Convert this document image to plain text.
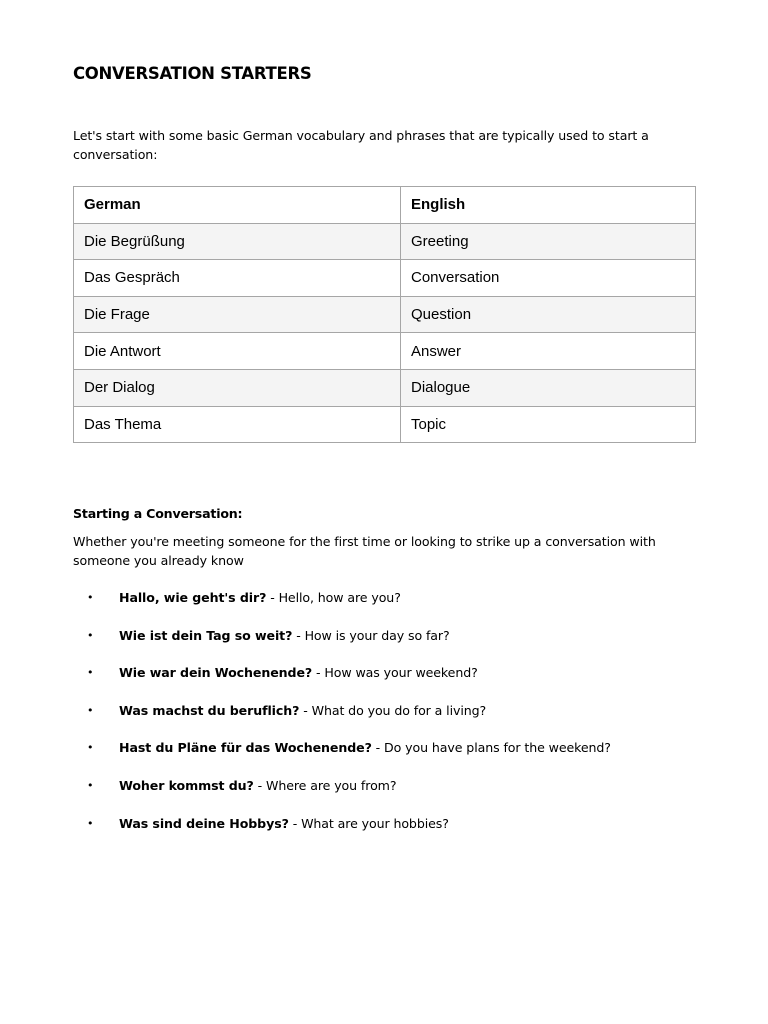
CONVERSATION STARTERS

Let's start with some basic German vocabulary and phrases that are typically used to start a conversation:

German	English
Die Begrüßung	Greeting
Das Gespräch	Conversation
Die Frage	Question
Die Antwort	Answer
Der Dialog	Dialogue
Das Thema	Topic
Starting a Conversation:

Whether you're meeting someone for the first time or looking to strike up a conversation with someone you already know

• Hallo, wie geht's dir? - Hello, how are you?
• Wie ist dein Tag so weit? - How is your day so far?
• Wie war dein Wochenende? - How was your weekend?
• Was machst du beruflich? - What do you do for a living?
• Hast du Pläne für das Wochenende? - Do you have plans for the weekend?
• Woher kommst du? - Where are you from?
• Was sind deine Hobbys? - What are your hobbies?
